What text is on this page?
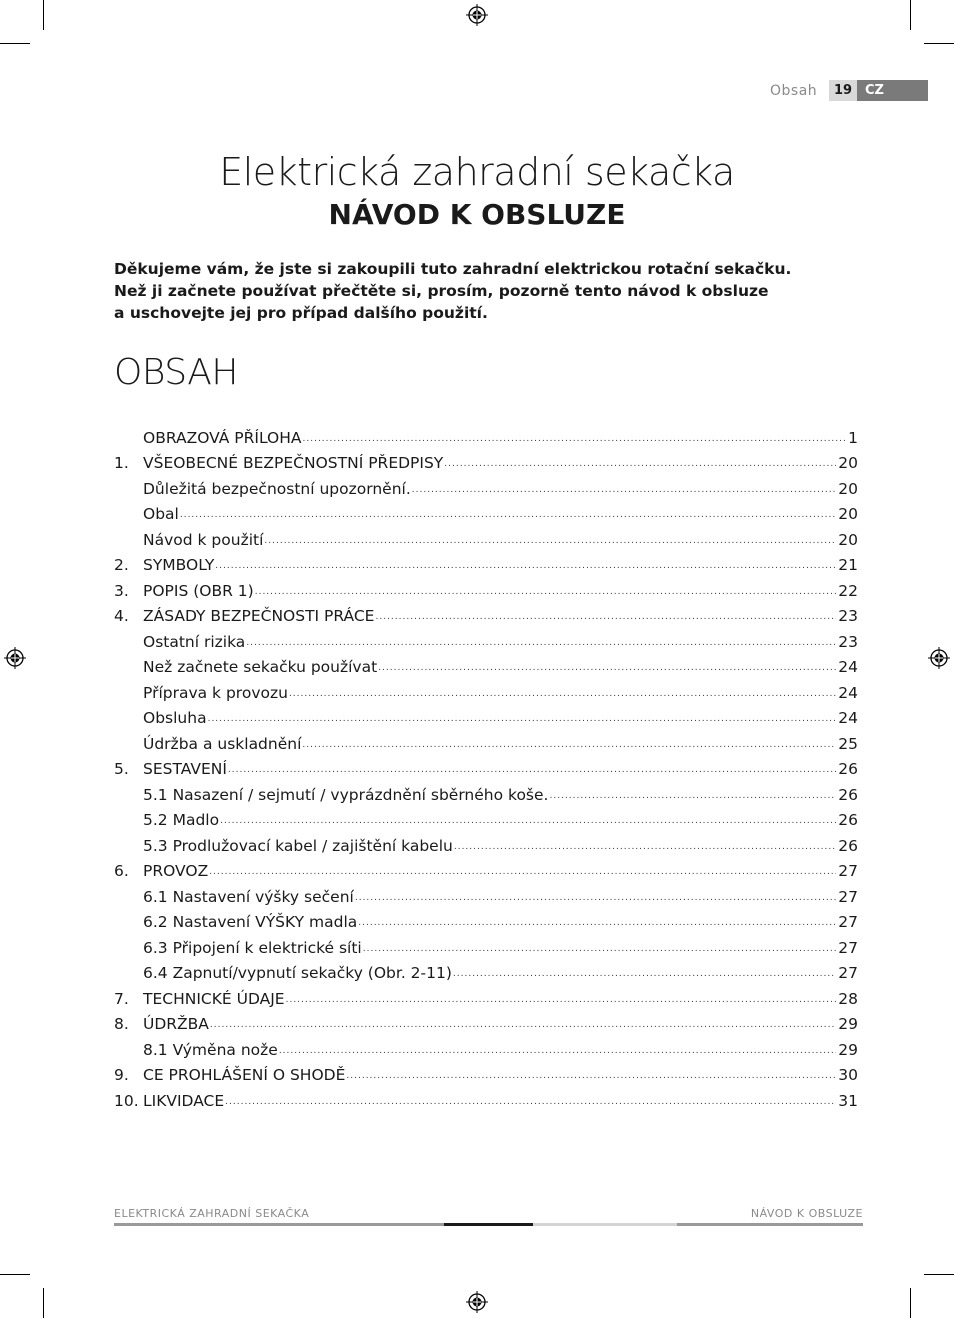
Obsah	19 CZ
Elektrická zahradní sekačka
NÁVOD K OBSLUZE
Děkujeme vám, že jste si zakoupili tuto zahradní elektrickou rotační sekačku.
Než ji začnete používat přečtěte si, prosím, pozorně tento návod k obsluze
a uschovejte jej pro případ dalšího použití.
OBSAH
OBRAZOVÁ PŘÍLOHA .....	1
1. VŠEOBECNÉ BEZPEČNOSTNÍ PŘEDPISY .....	20
Důležitá bezpečnostní upozornění. .....	20
Obal .....	20
Návod k použití .....	20
2. SYMBOLY .....	21
3. POPIS (OBR 1) .....	22
4. ZÁSADY BEZPEČNOSTI PRÁCE .....	23
Ostatní rizika .....	23
Než začnete sekačku používat .....	24
Příprava k provozu .....	24
Obsluha .....	24
Údržba a uskladnění .....	25
5. SESTAVENÍ .....	26
5.1 Nasazení / sejmutí / vyprázdnění sběrného koše. .....	26
5.2 Madlo .....	26
5.3 Prodlužovací kabel / zajištění kabelu .....	26
6. PROVOZ .....	27
6.1 Nastavení výšky sečení .....	27
6.2 Nastavení VÝŠKY madla .....	27
6.3 Připojení k elektrické síti .....	27
6.4 Zapnutí/vypnutí sekačky (Obr. 2-11) .....	27
7. TECHNICKÉ ÚDAJE .....	28
8. ÚDRŽBA .....	29
8.1 Výměna nože .....	29
9. CE PROHLÁŠENÍ O SHODĚ .....	30
10. LIKVIDACE .....	31
ELEKTRICKÁ ZAHRADNÍ SEKAČKA	NÁVOD K OBSLUZE
